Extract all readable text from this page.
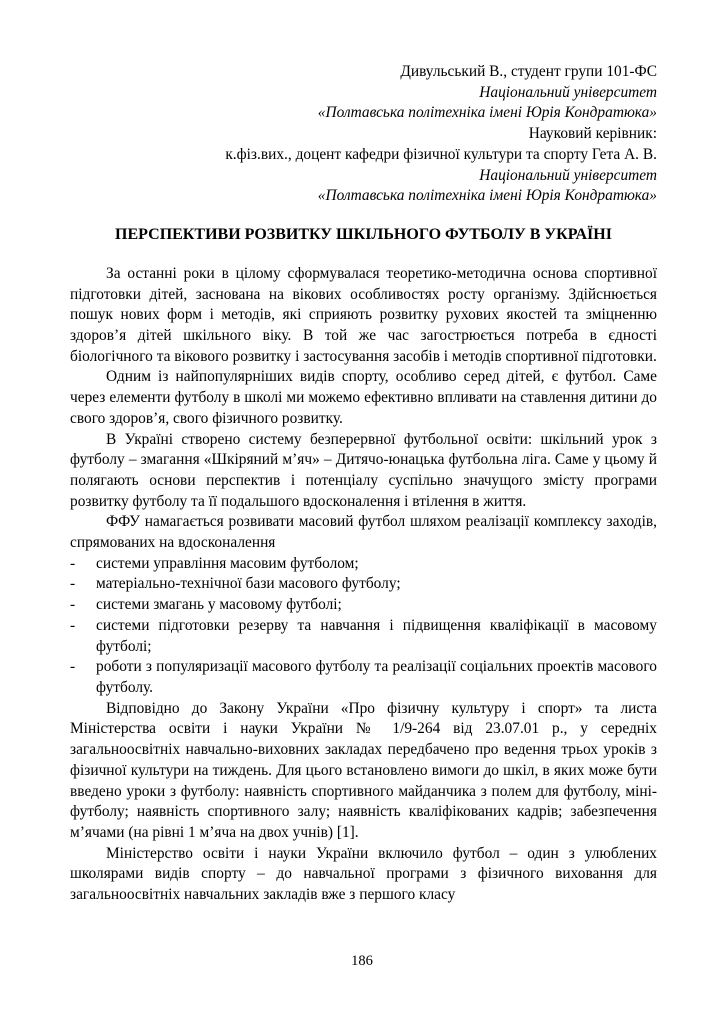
Дивульський В., студент групи 101-ФС
Національний університет
«Полтавська політехніка імені Юрія Кондратюка»
Науковий керівник:
к.фіз.вих., доцент кафедри фізичної культури та спорту Гета А. В.
Національний університет
«Полтавська політехніка імені Юрія Кондратюка»
ПЕРСПЕКТИВИ РОЗВИТКУ ШКІЛЬНОГО ФУТБОЛУ В УКРАЇНІ

За останні роки в цілому сформувалася теоретико-методична основа спортивної підготовки дітей, заснована на вікових особливостях росту організму. Здійснюється пошук нових форм і методів, які сприяють розвитку рухових якостей та зміцненню здоров’я дітей шкільного віку. В той же час загострюється потреба в єдності біологічного та вікового розвитку і застосування засобів і методів спортивної підготовки.

Одним із найпопулярніших видів спорту, особливо серед дітей, є футбол. Саме через елементи футболу в школі ми можемо ефективно впливати на ставлення дитини до свого здоров’я, свого фізичного розвитку.

В Україні створено систему безперервної футбольної освіти: шкільний урок з футболу – змагання «Шкіряний м’яч» – Дитячо-юнацька футбольна ліга. Саме у цьому й полягають основи перспектив і потенціалу суспільно значущого змісту програми розвитку футболу та її подальшого вдосконалення і втілення в життя.

ФФУ намагається розвивати масовий футбол шляхом реалізації комплексу заходів, спрямованих на вдосконалення

-	системи управління масовим футболом;
-	матеріально-технічної бази масового футболу;
-	системи змагань у масовому футболі;
-	системи підготовки резерву та навчання і підвищення кваліфікації в масовому футболі;
-	роботи з популяризації масового футболу та реалізації соціальних проектів масового футболу.

Відповідно до Закону України «Про фізичну культуру і спорт» та листа Міністерства освіти і науки України № 1/9-264 від 23.07.01 р., у середніх загальноосвітніх навчально-виховних закладах передбачено про ведення трьох уроків з фізичної культури на тиждень. Для цього встановлено вимоги до шкіл, в яких може бути введено уроки з футболу: наявність спортивного майданчика з полем для футболу, міні-футболу; наявність спортивного залу; наявність кваліфікованих кадрів; забезпечення м’ячами (на рівні 1 м’яча на двох учнів) [1].

Міністерство освіти і науки України включило футбол – один з улюблених школярами видів спорту – до навчальної програми з фізичного виховання для загальноосвітніх навчальних закладів вже з першого класу

186
